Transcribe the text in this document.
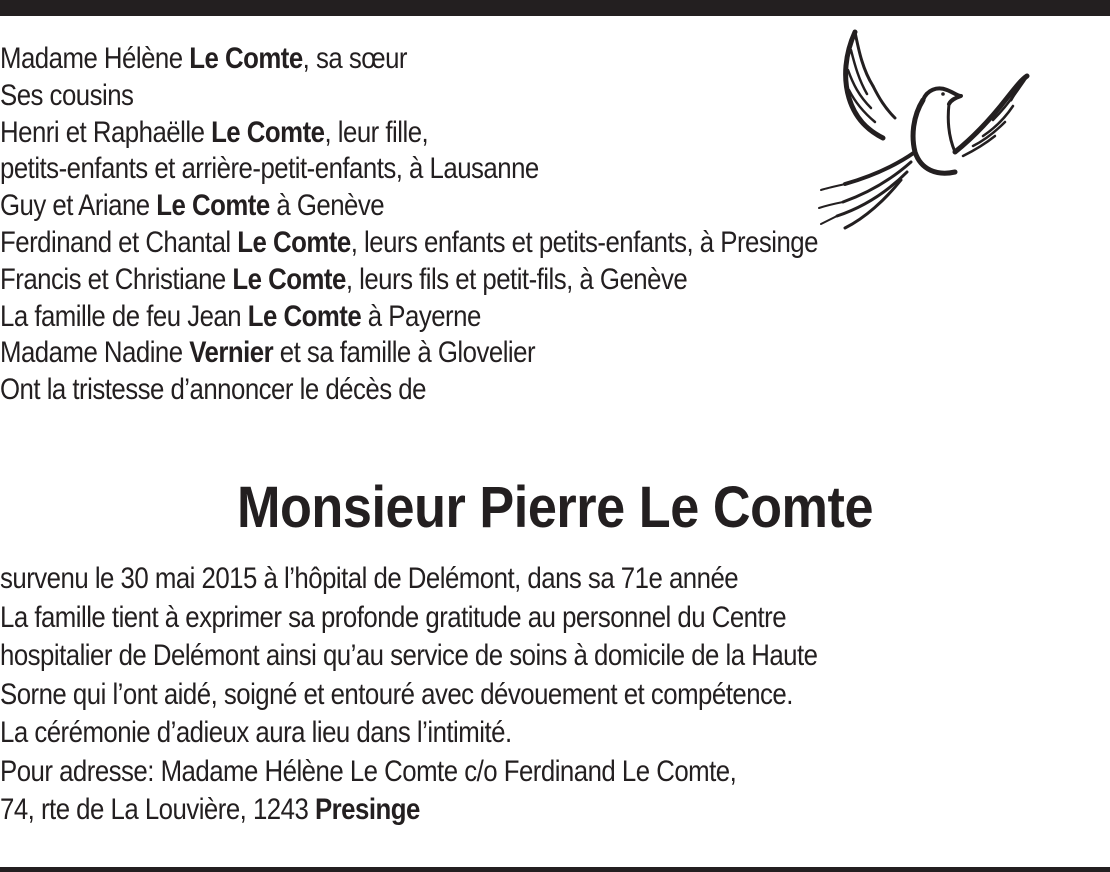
Madame Hélène Le Comte, sa sœur
Ses cousins
Henri et Raphaëlle Le Comte, leur fille,
petits-enfants et arrière-petit-enfants, à Lausanne
Guy et Ariane Le Comte à Genève
Ferdinand et Chantal Le Comte, leurs enfants et petits-enfants, à Presinge
Francis et Christiane Le Comte, leurs fils et petit-fils, à Genève
La famille de feu Jean Le Comte à Payerne
Madame Nadine Vernier et sa famille à Glovelier
Ont la tristesse d’annoncer le décès de
Monsieur Pierre Le Comte
survenu le 30 mai 2015 à l’hôpital de Delémont, dans sa 71e année
La famille tient à exprimer sa profonde gratitude au personnel du Centre
hospitalier de Delémont ainsi qu’au service de soins à domicile de la Haute
Sorne qui l’ont aidé, soigné et entouré avec dévouement et compétence.
La cérémonie d’adieux aura lieu dans l’intimité.
Pour adresse: Madame Hélène Le Comte c/o Ferdinand Le Comte,
74, rte de La Louvière, 1243 Presinge
